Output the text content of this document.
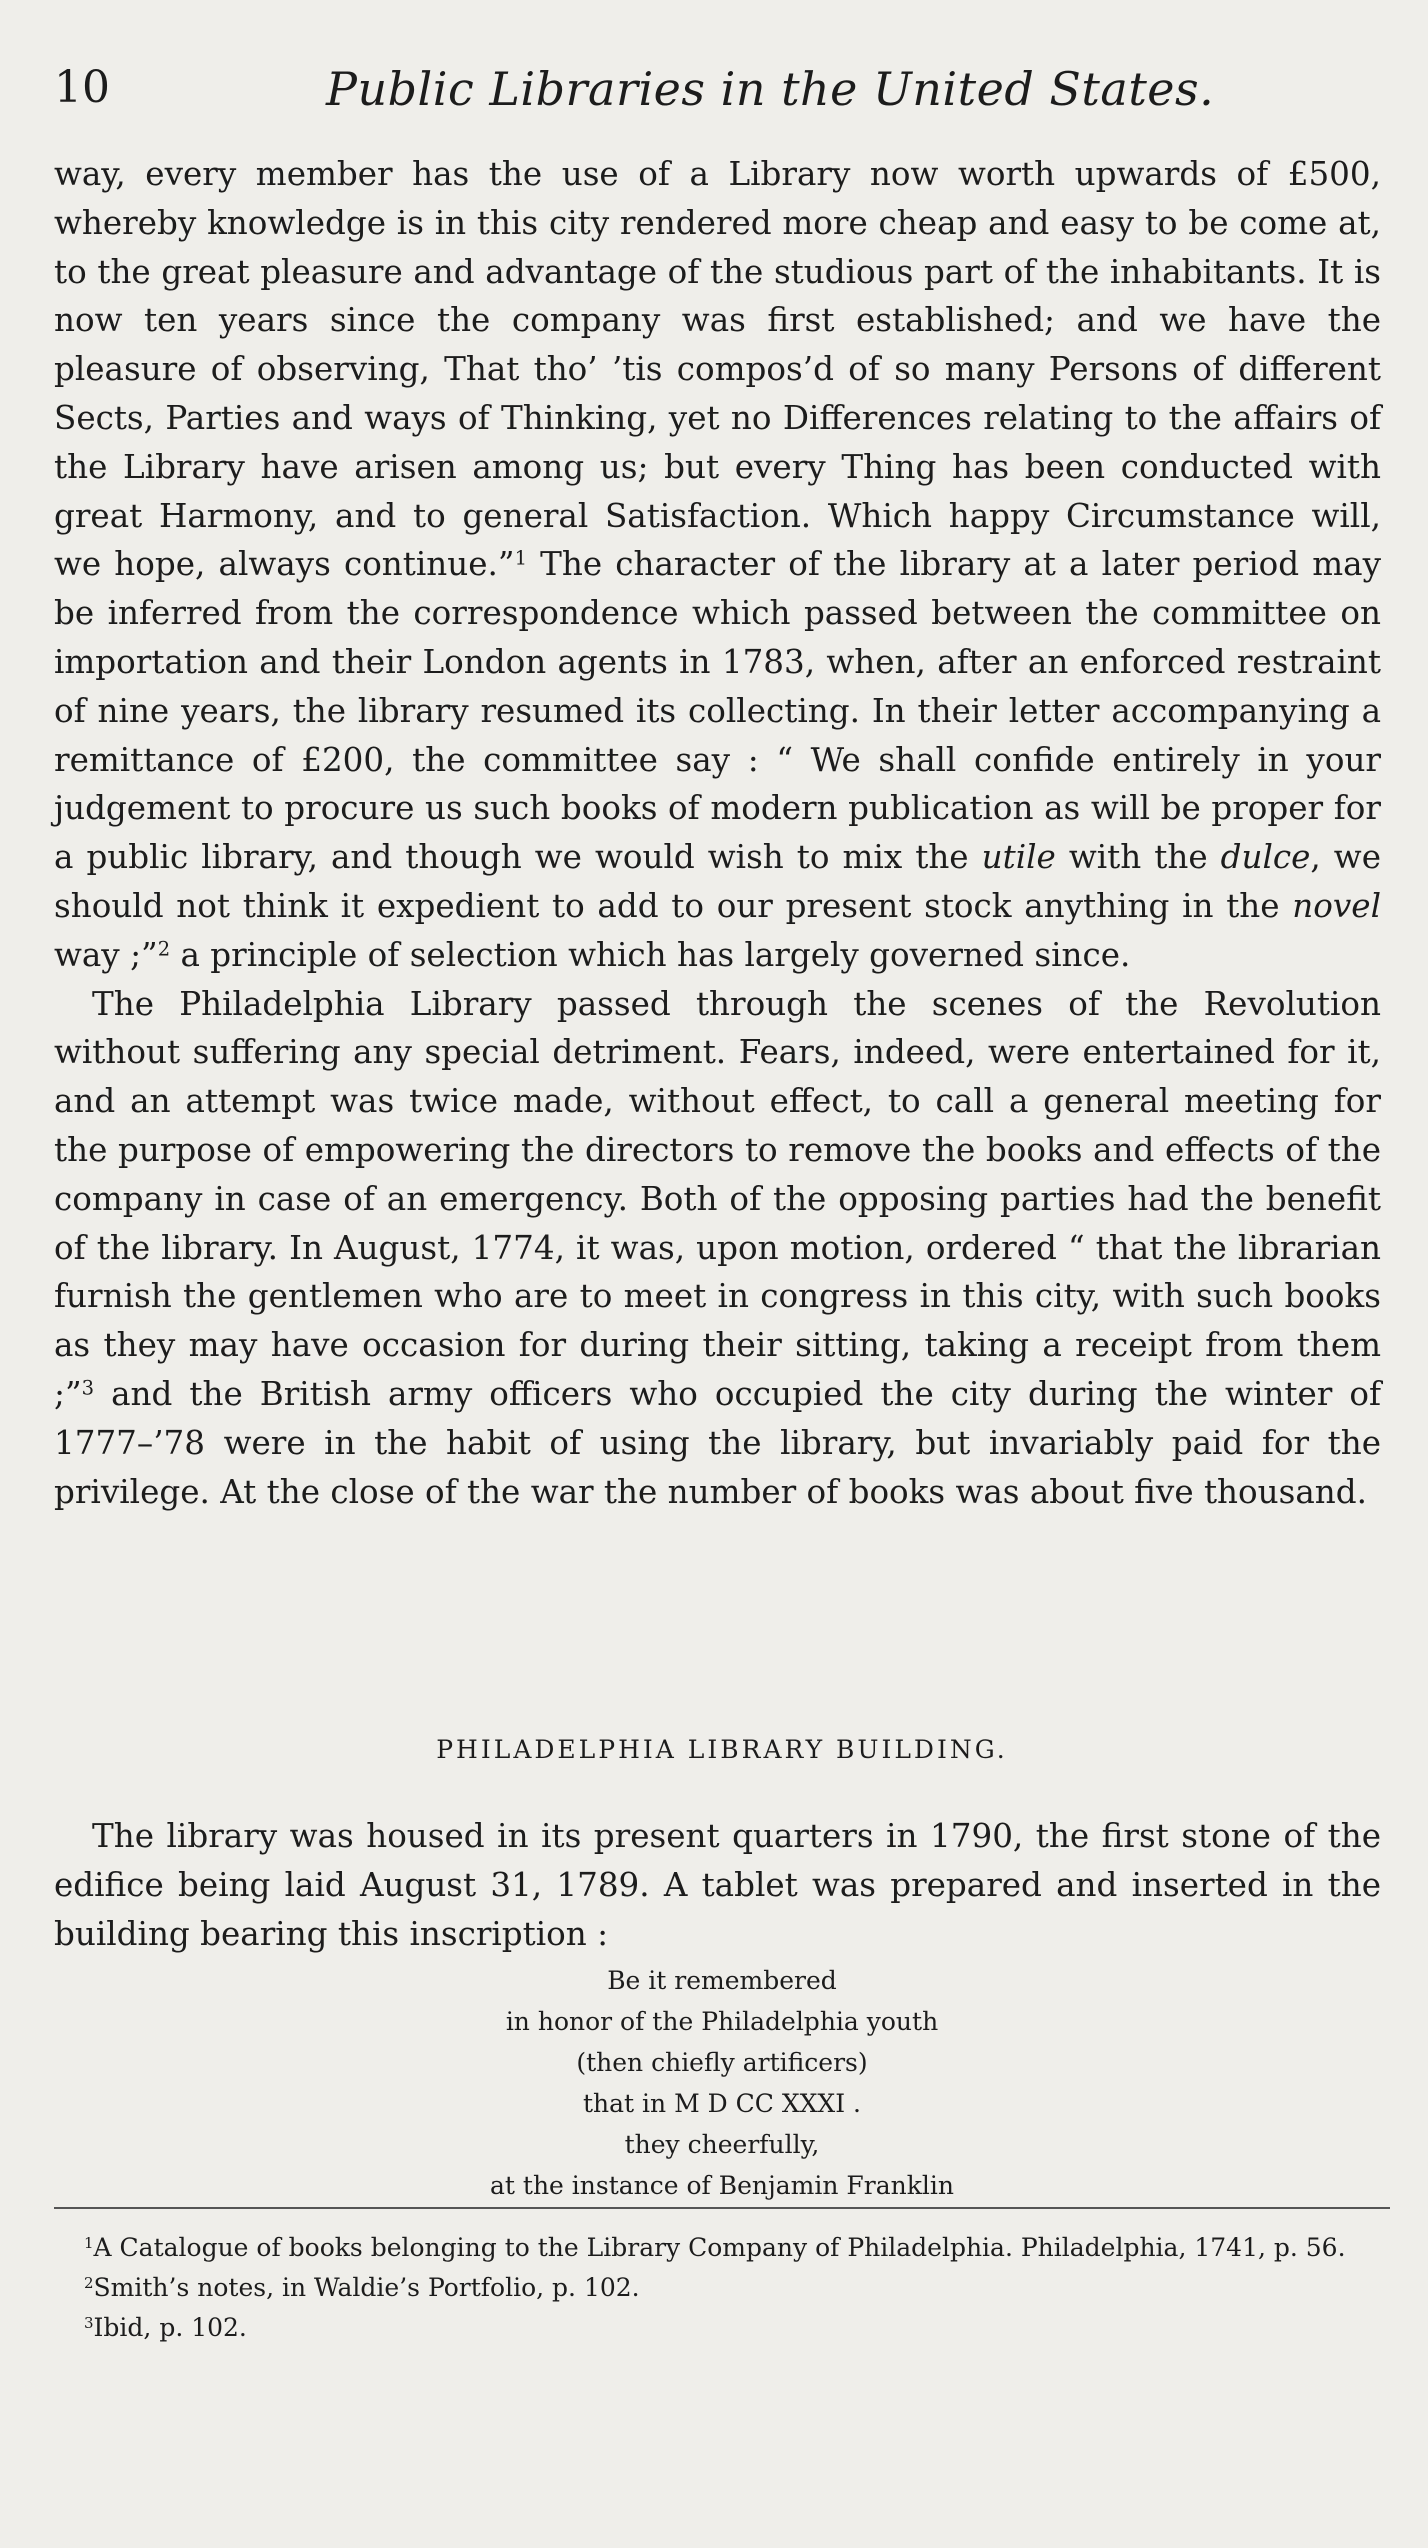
10	Public Libraries in the United States.

way, every member has the use of a Library now worth upwards of £500, whereby knowledge is in this city rendered more cheap and easy to be come at, to the great pleasure and advantage of the studious part of the inhabitants. It is now ten years since the company was first established; and we have the pleasure of observing, That tho’ ’tis compos’d of so many Persons of different Sects, Parties and ways of Thinking, yet no Differences relating to the affairs of the Library have arisen among us; but every Thing has been conducted with great Harmony, and to general Satisfaction. Which happy Circumstance will, we hope, always continue.”$^1$ The character of the library at a later period may be inferred from the correspondence which passed between the committee on importation and their London agents in 1783, when, after an enforced restraint of nine years, the library resumed its collecting. In their letter accompanying a remittance of £200, the committee say : “ We shall confide entirely in your judgement to procure us such books of modern publication as will be proper for a public library, and though we would wish to mix the utile with the dulce, we should not think it expedient to add to our present stock anything in the novel way ;”$^2$ a principle of selection which has largely governed since.

The Philadelphia Library passed through the scenes of the Revolution without suffering any special detriment. Fears, indeed, were entertained for it, and an attempt was twice made, without effect, to call a general meeting for the purpose of empowering the directors to remove the books and effects of the company in case of an emergency. Both of the opposing parties had the benefit of the library. In August, 1774, it was, upon motion, ordered “ that the librarian furnish the gentlemen who are to meet in congress in this city, with such books as they may have occasion for during their sitting, taking a receipt from them ;”$^3$ and the British army officers who occupied the city during the winter of 1777–’78 were in the habit of using the library, but invariably paid for the privilege. At the close of the war the number of books was about five thousand.

PHILADELPHIA LIBRARY BUILDING.

The library was housed in its present quarters in 1790, the first stone of the edifice being laid August 31, 1789. A tablet was prepared and inserted in the building bearing this inscription :

Be it remembered
in honor of the Philadelphia youth
(then chiefly artificers)
that in M D CC XXXI .
they cheerfully,
at the instance of Benjamin Franklin

$^1$A Catalogue of books belonging to the Library Company of Philadelphia. Philadelphia, 1741, p. 56.

$^2$Smith’s notes, in Waldie’s Portfolio, p. 102.

$^3$Ibid, p. 102.
